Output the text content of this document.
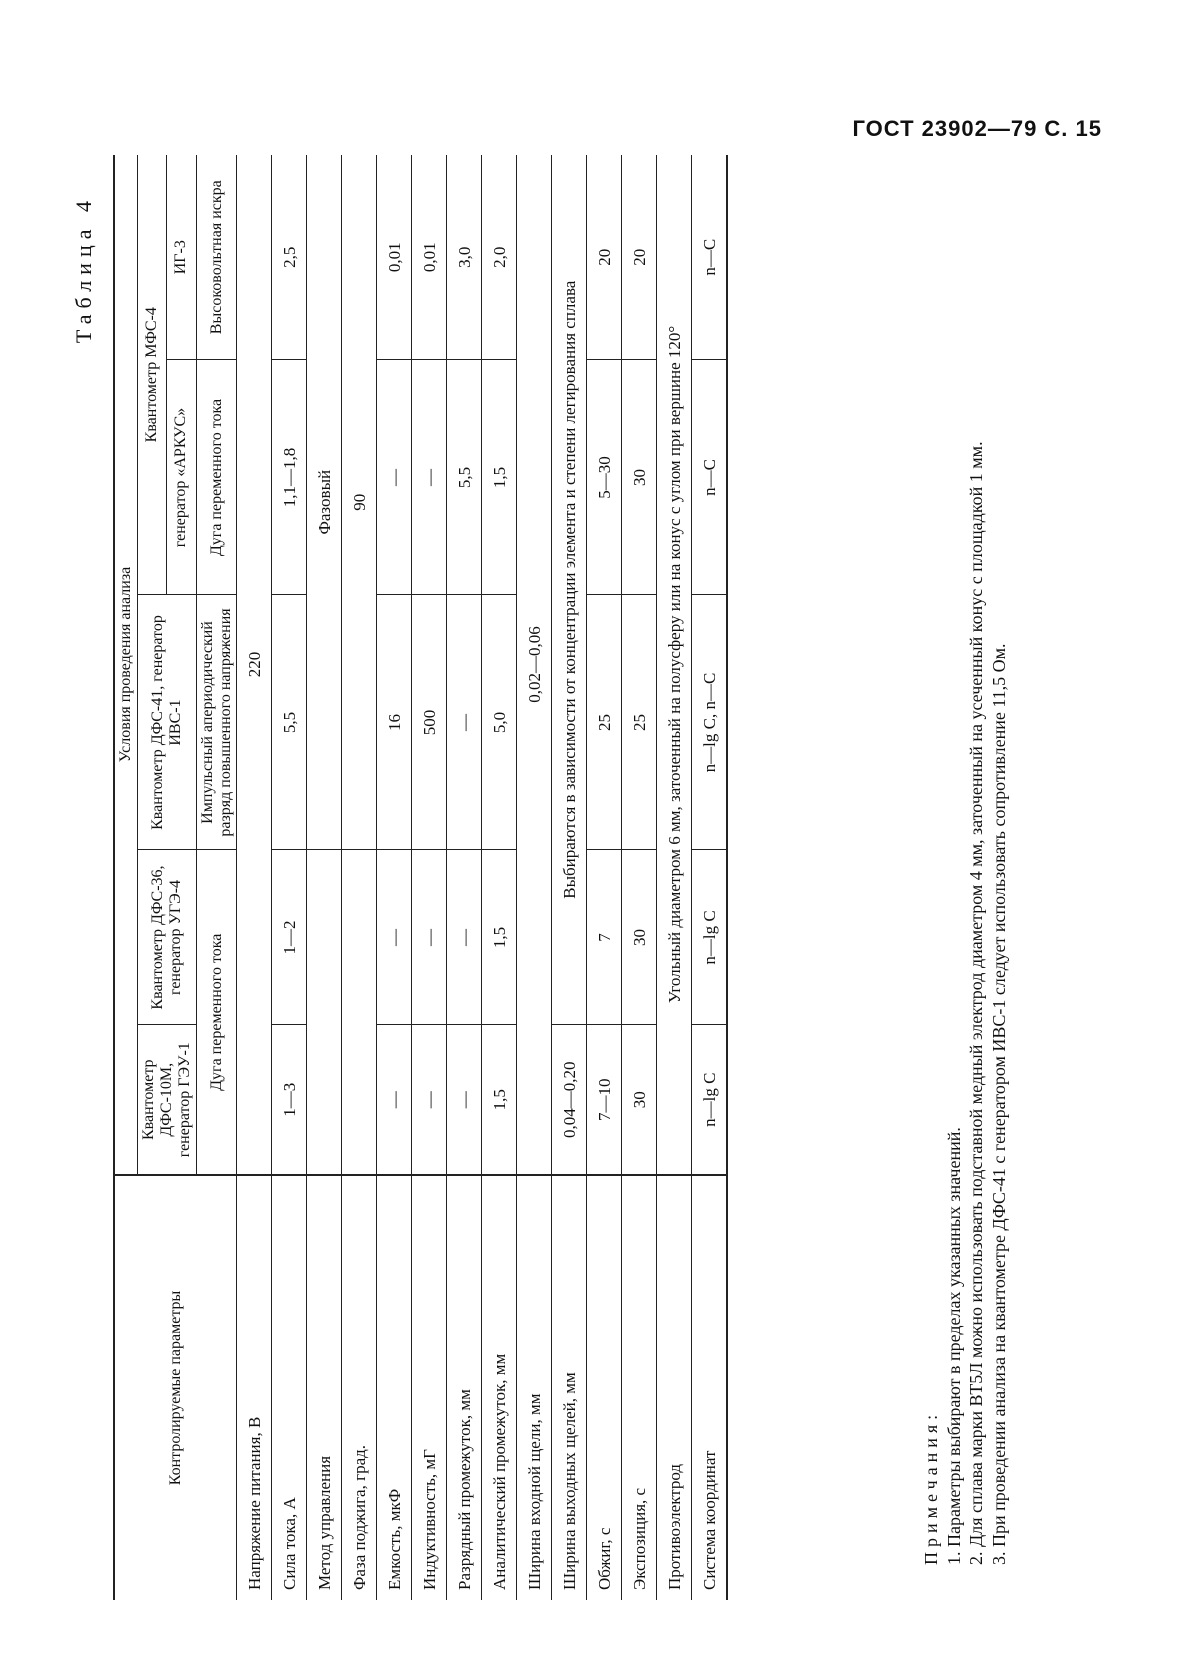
ГОСТ 23902—79 С. 15
Таблица 4
Контролируемые параметры	Условия проведения анализа				
	Квантометр ДФС-10М, генератор ГЭУ-1	Квантометр ДФС-36, генератор УГЭ-4	Квантометр ДФС-41, генератор ИВС-1	Квантометр МФС-4	
				генератор «АРКУС»	ИГ-3
	Дуга переменного тока		Импульсный апериодический разряд повышенного напряжения	Дуга переменного тока	Высоковольтная искра
Напряжение питания, В	220				
Сила тока, А	1—3	1—2	5,5	1,1—1,8	2,5
Метод управления			Фазовый		
Фаза поджига, град.			90		
Емкость, мкФ	—	—	16	—	0,01
Индуктивность, мГ	—	—	500	—	0,01
Разрядный промежуток, мм	—	—	—	5,5	3,0
Аналитический промежуток, мм	1,5	1,5	5,0	1,5	2,0
Ширина входной щели, мм	0,02—0,06				
Ширина выходных щелей, мм	0,04—0,20	Выбираются в зависимости от концентрации элемента и степени легирования сплава			
Обжиг, с	7—10	7	25	5—30	20
Экспозиция, с	30	30	25	30	20
Противоэлектрод	Угольный диаметром 6 мм, заточенный на полусферу или на конус с углом при вершине 120°				
Система координат	n—lg C	n—lg C	n—lg C, n—C	n—C	n—C

Примечания: 1. Параметры выбирают в пределах указанных значений. 2. Для сплава марки ВТ5Л можно использовать подставной медный электрод диаметром 4 мм, заточенный на усеченный конус с площадкой 1 мм. 3. При проведении анализа на квантометре ДФС-41 с генератором ИВС-1 следует использовать сопротивление 11,5 Ом.
